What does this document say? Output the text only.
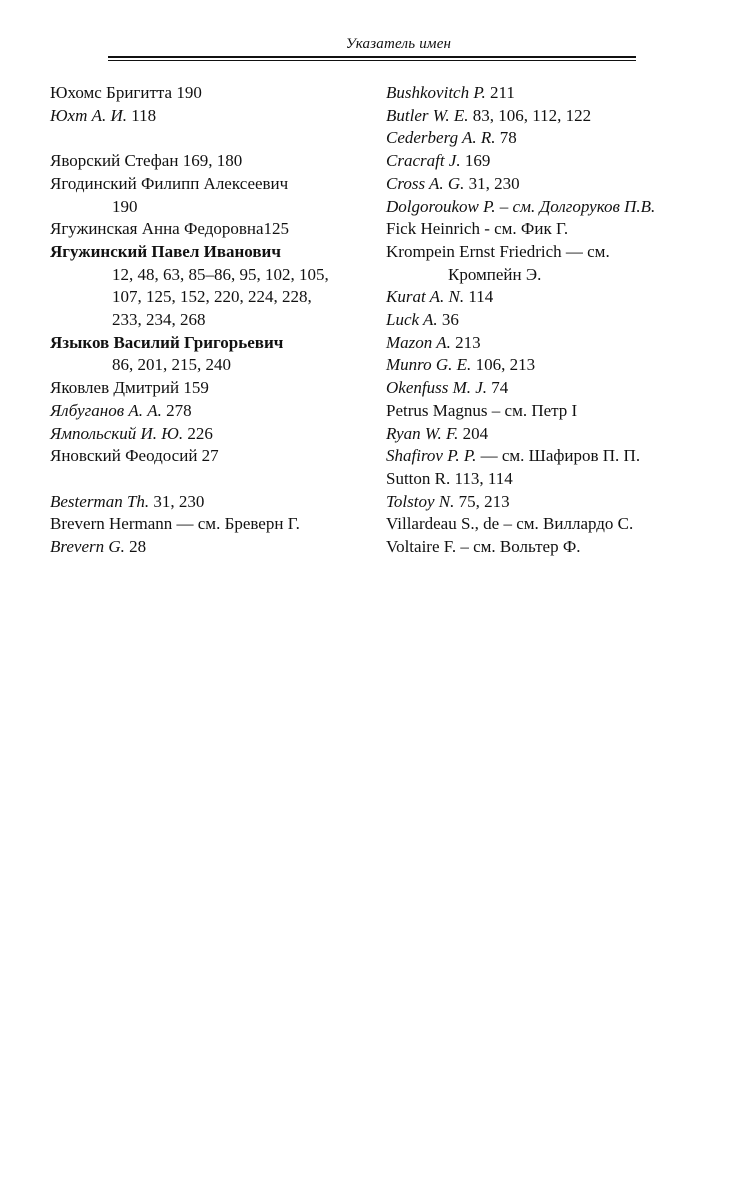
Указатель имен
Юхомс Бригитта 190
Юхт А. И. 118
Яворский Стефан 169, 180
Ягодинский Филипп Алексеевич
190
Ягужинская Анна Федоровна125
Ягужинский Павел Иванович
12, 48, 63, 85–86, 95, 102, 105,
107, 125, 152, 220, 224, 228,
233, 234, 268
Языков Василий Григорьевич
86, 201, 215, 240
Яковлев Дмитрий 159
Ялбуганов А. А. 278
Ямпольский И. Ю. 226
Яновский Феодосий 27
Besterman Th. 31, 230
Brevern Hermann — см. Бреверн Г.
Brevern G. 28
Bushkovitch P. 211
Butler W. E. 83, 106, 112, 122
Cederberg A. R. 78
Cracraft J. 169
Cross A. G. 31, 230
Dolgoroukow P. – см. Долгоруков П.В.
Fick Heinrich - см. Фик Г.
Krompein Ernst Friedrich — см.
Кромпейн Э.
Kurat A. N. 114
Luck A. 36
Mazon A. 213
Munro G. E. 106, 213
Okenfuss M. J. 74
Petrus Magnus – см. Петр I
Ryan W. F. 204
Shafirov P. P. — см. Шафиров П. П.
Sutton R. 113, 114
Tolstoy N. 75, 213
Villardeau S., de – см. Виллардо С.
Voltaire F. – см. Вольтер Ф.
